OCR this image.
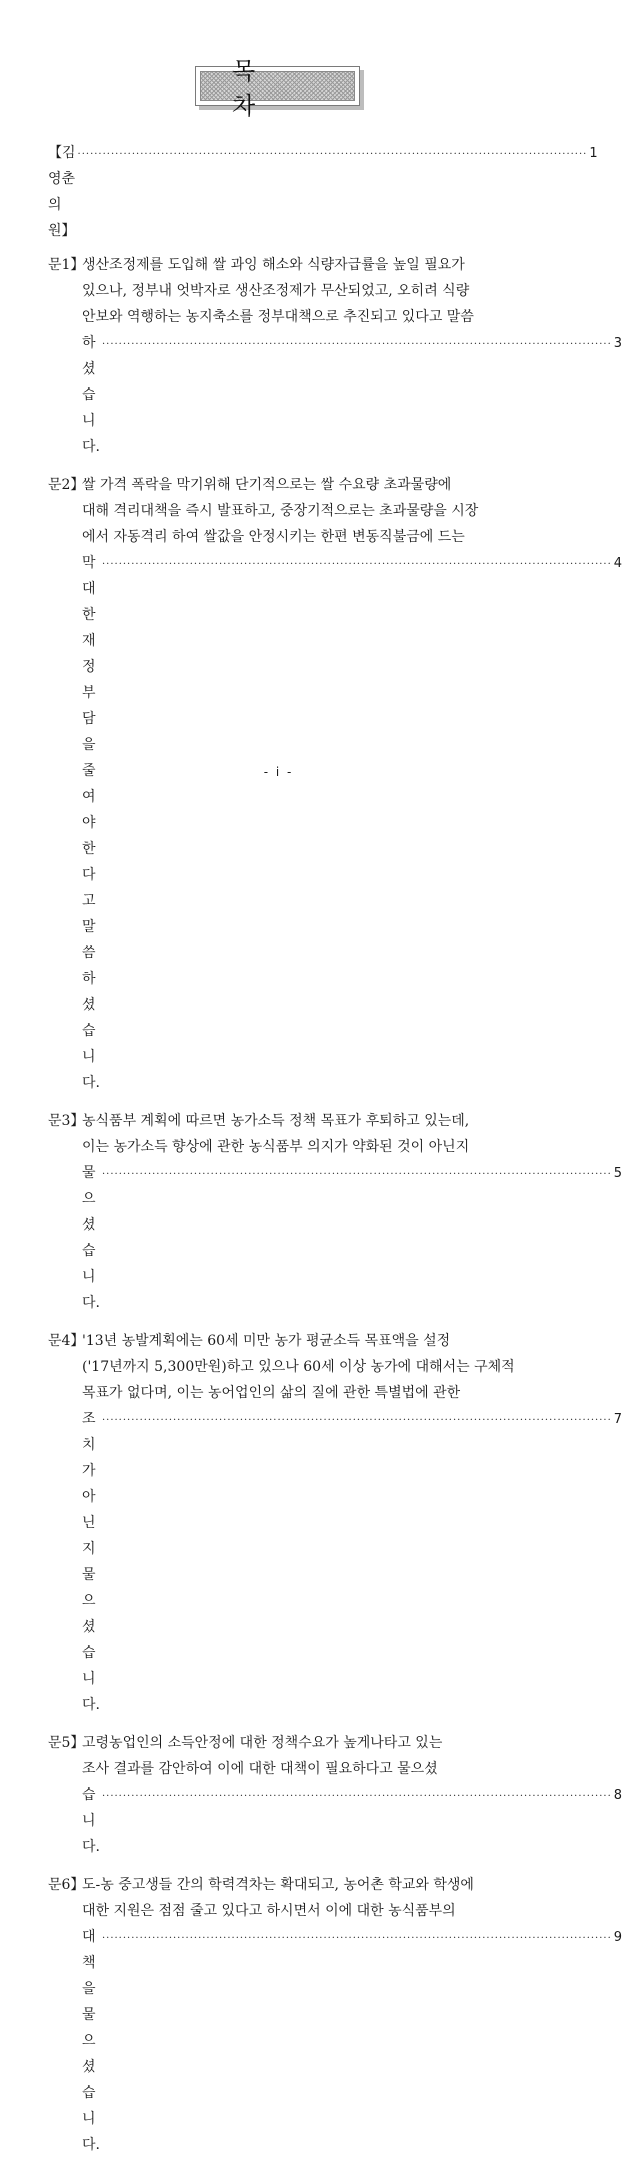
목 차
【김영춘 의원】
·····
1
문1】
생산조정제를 도입해 쌀 과잉 해소와 식량자급률을 높일 필요가
있으나, 정부내 엇박자로 생산조정제가 무산되었고, 오히려 식량
안보와 역행하는 농지축소를 정부대책으로 추진되고 있다고 말씀
하셨습니다.
·····
3
문2】
쌀 가격 폭락을 막기위해 단기적으로는 쌀 수요량 초과물량에
대해 격리대책을 즉시 발표하고, 중장기적으로는 초과물량을 시장
에서 자동격리 하여 쌀값을 안정시키는 한편 변동직불금에 드는
막대한 재정부담을 줄여야 한다고 말씀하셨습니다.
·····
4
문3】
농식품부 계획에 따르면 농가소득 정책 목표가 후퇴하고 있는데,
이는 농가소득 향상에 관한 농식품부 의지가 약화된 것이 아닌지
물으셨습니다.
·····
5
문4】
'13년 농발계획에는 60세 미만 농가 평균소득 목표액을 설정
('17년까지 5,300만원)하고 있으나 60세 이상 농가에 대해서는 구체적
목표가 없다며, 이는 농어업인의 삶의 질에 관한 특별법에 관한
조치가 아닌지 물으셨습니다.
·····
7
문5】
고령농업인의 소득안정에 대한 정책수요가 높게나타고 있는
조사 결과를 감안하여 이에 대한 대책이 필요하다고 물으셨
습니다.
·····
8
문6】
도-농 중고생들 간의 학력격차는 확대되고, 농어촌 학교와 학생에
대한 지원은 점점 줄고 있다고 하시면서 이에 대한 농식품부의
대책을 물으셨습니다.
·····
9
- i -
